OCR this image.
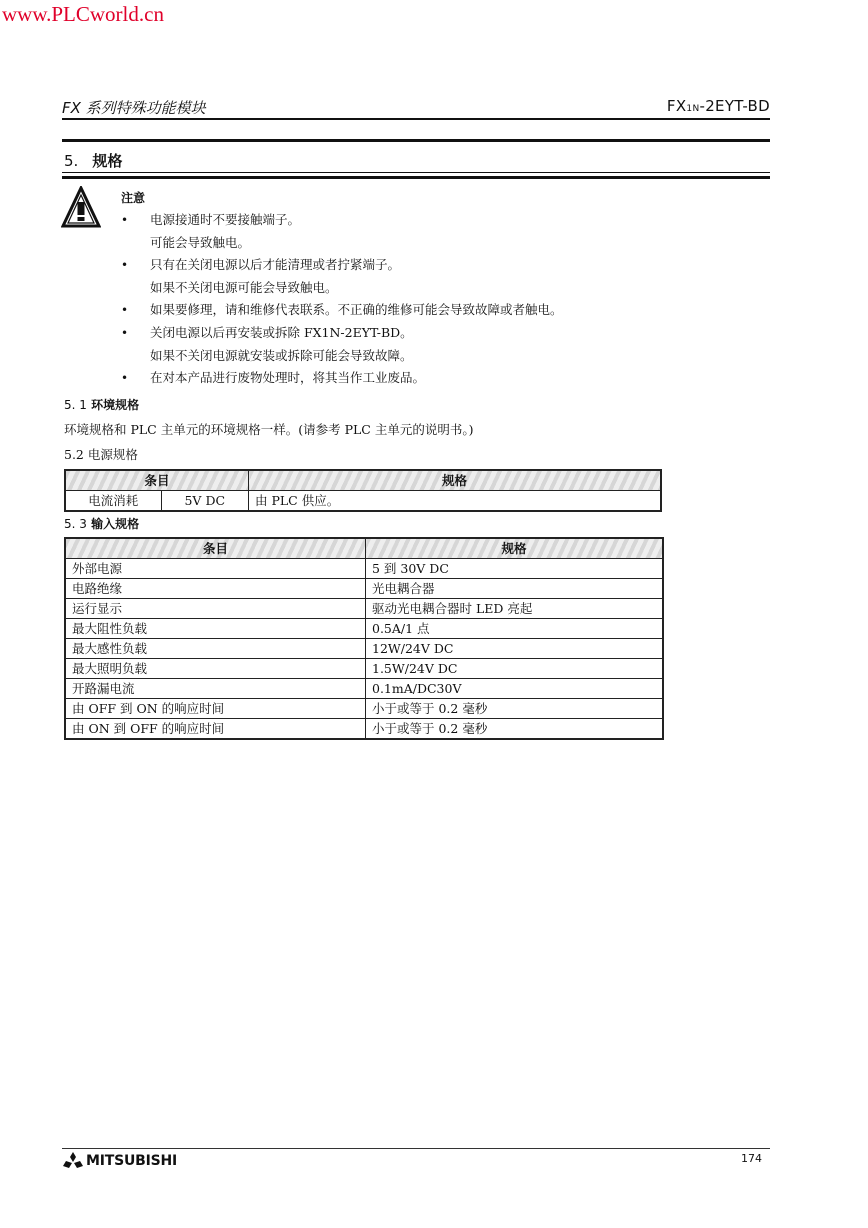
www.PLCworld.cn
FX 系列特殊功能模块	FX1N-2EYT-BD
5. 规格
注意
• 电源接通时不要接触端子。
可能会导致触电。
• 只有在关闭电源以后才能清理或者拧紧端子。
如果不关闭电源可能会导致触电。
• 如果要修理，请和维修代表联系。不正确的维修可能会导致故障或者触电。
• 关闭电源以后再安装或拆除 FX1N-2EYT-BD。
如果不关闭电源就安装或拆除可能会导致故障。
• 在对本产品进行废物处理时，将其当作工业废品。
5. 1 环境规格
环境规格和 PLC 主单元的环境规格一样。(请参考 PLC 主单元的说明书。)
5.2 电源规格
条目		规格
电流消耗	5V DC	由 PLC 供应。
5. 3 输入规格
条目	规格
外部电源	5 到 30V DC
电路绝缘	光电耦合器
运行显示	驱动光电耦合器时 LED 亮起
最大阻性负载	0.5A/1 点
最大感性负载	12W/24V DC
最大照明负载	1.5W/24V DC
开路漏电流	0.1mA/DC30V
由 OFF 到 ON 的响应时间	小于或等于 0.2 毫秒
由 ON 到 OFF 的响应时间	小于或等于 0.2 毫秒
MITSUBISHI	174
